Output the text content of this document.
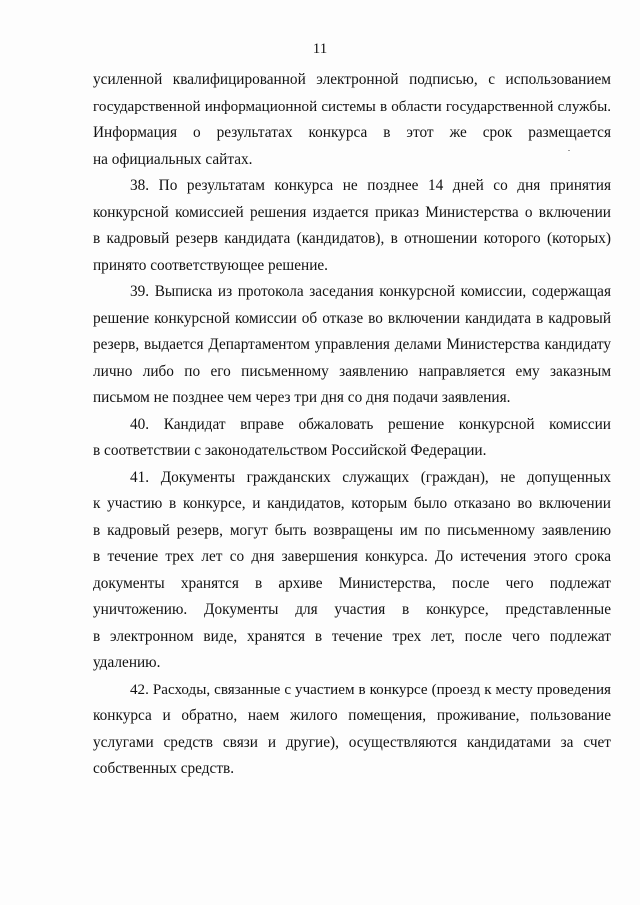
11

усиленной квалифицированной электронной подписью, с использованием
государственной информационной системы в области государственной службы.
Информация о результатах конкурса в этот же срок размещается
на официальных сайтах.

38. По результатам конкурса не позднее 14 дней со дня принятия
конкурсной комиссией решения издается приказ Министерства о включении
в кадровый резерв кандидата (кандидатов), в отношении которого (которых)
принято соответствующее решение.

39. Выписка из протокола заседания конкурсной комиссии, содержащая
решение конкурсной комиссии об отказе во включении кандидата в кадровый
резерв, выдается Департаментом управления делами Министерства кандидату
лично либо по его письменному заявлению направляется ему заказным
письмом не позднее чем через три дня со дня подачи заявления.

40. Кандидат вправе обжаловать решение конкурсной комиссии
в соответствии с законодательством Российской Федерации.

41. Документы гражданских служащих (граждан), не допущенных
к участию в конкурсе, и кандидатов, которым было отказано во включении
в кадровый резерв, могут быть возвращены им по письменному заявлению
в течение трех лет со дня завершения конкурса. До истечения этого срока
документы хранятся в архиве Министерства, после чего подлежат
уничтожению. Документы для участия в конкурсе, представленные
в электронном виде, хранятся в течение трех лет, после чего подлежат
удалению.

42. Расходы, связанные с участием в конкурсе (проезд к месту проведения
конкурса и обратно, наем жилого помещения, проживание, пользование
услугами средств связи и другие), осуществляются кандидатами за счет
собственных средств.
